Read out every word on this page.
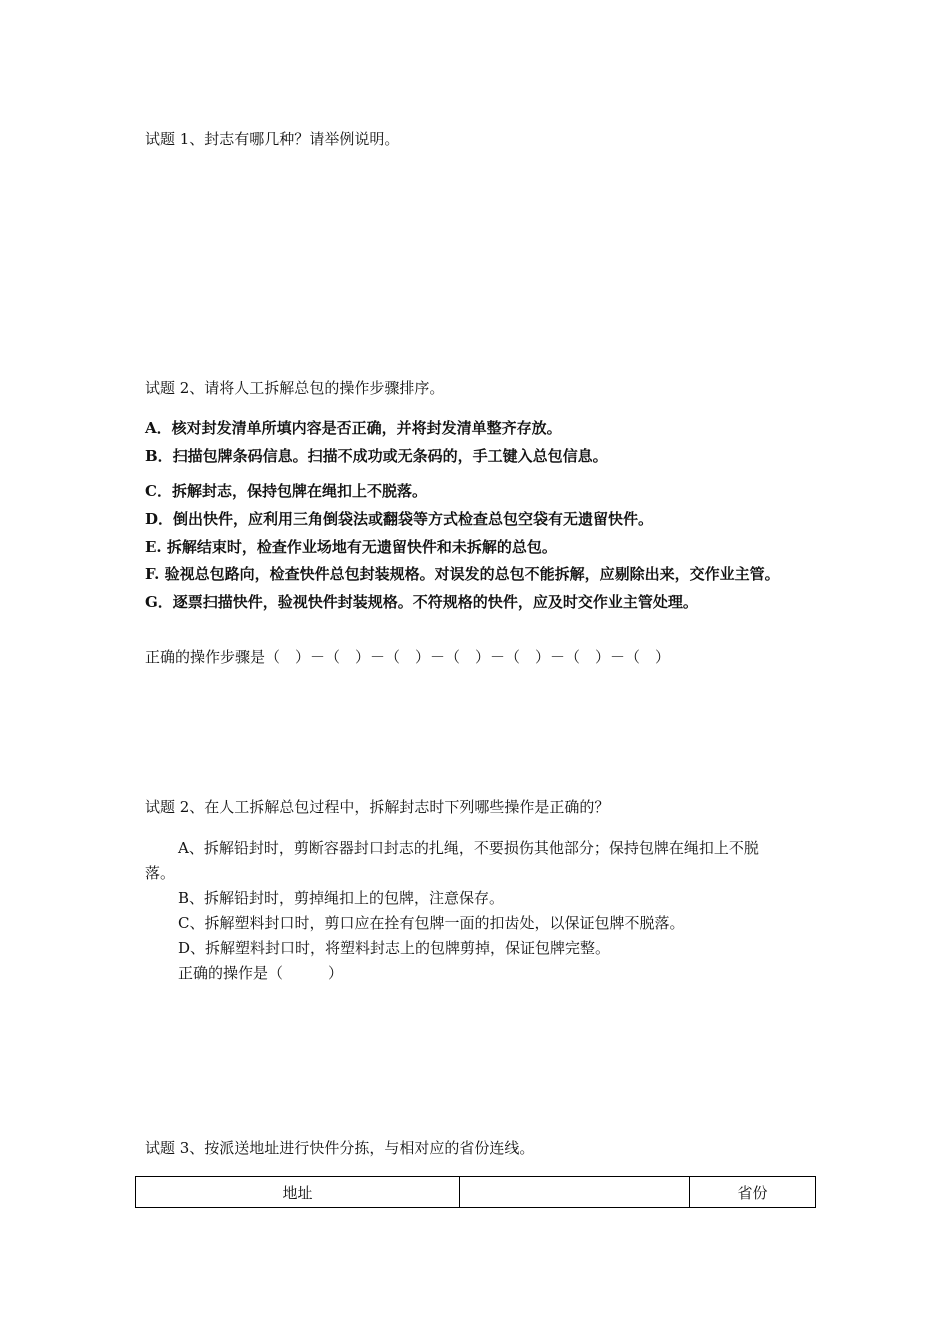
试题 1、封志有哪几种？请举例说明。
试题 2、请将人工拆解总包的操作步骤排序。
A．核对封发清单所填内容是否正确，并将封发清单整齐存放。
B．扫描包牌条码信息。扫描不成功或无条码的，手工键入总包信息。
C．拆解封志，保持包牌在绳扣上不脱落。
D．倒出快件，应利用三角倒袋法或翻袋等方式检查总包空袋有无遗留快件。
E. 拆解结束时，检查作业场地有无遗留快件和未拆解的总包。
F. 验视总包路向，检查快件总包封装规格。对误发的总包不能拆解，应剔除出来，交作业主管。
G．逐票扫描快件，验视快件封装规格。不符规格的快件，应及时交作业主管处理。
正确的操作步骤是（　）－（　）－（　）－（　）－（　）－（　）－（　）
试题 2、在人工拆解总包过程中，拆解封志时下列哪些操作是正确的？
A、拆解铅封时，剪断容器封口封志的扎绳，不要损伤其他部分；保持包牌在绳扣上不脱
落。
B、拆解铅封时，剪掉绳扣上的包牌，注意保存。
C、拆解塑料封口时，剪口应在拴有包牌一面的扣齿处，以保证包牌不脱落。
D、拆解塑料封口时，将塑料封志上的包牌剪掉，保证包牌完整。
正确的操作是（　　　）
试题 3、按派送地址进行快件分拣，与相对应的省份连线。
地址		省份
